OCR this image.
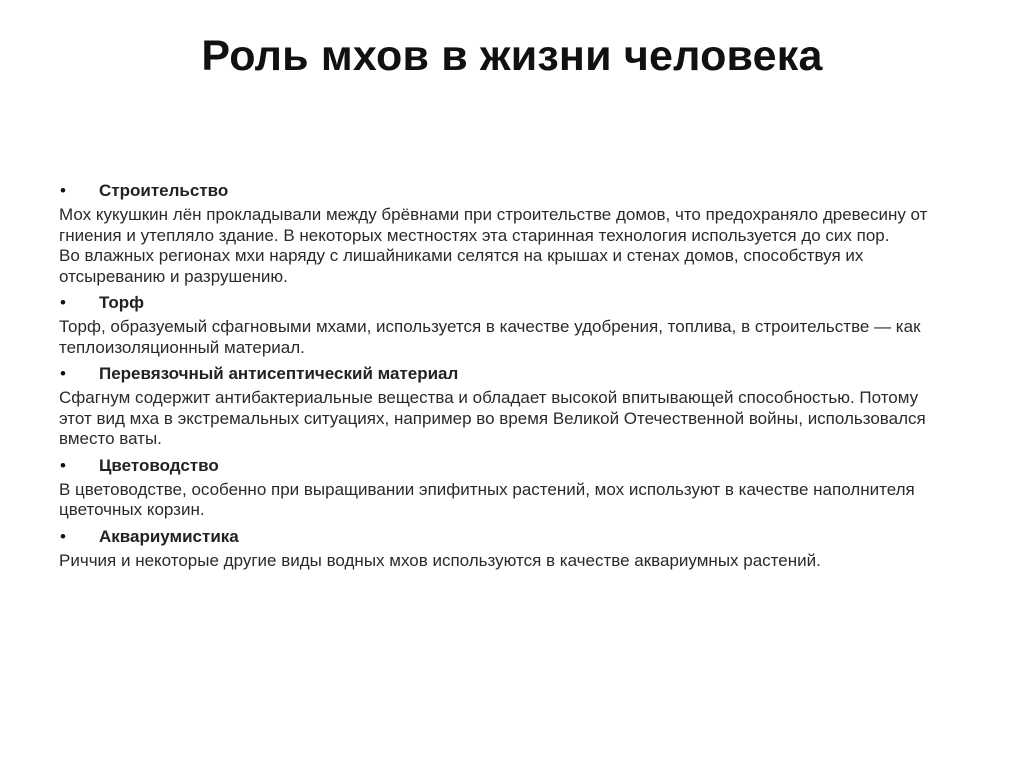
Роль мхов в жизни человека
• Строительство

Мох кукушкин лён прокладывали между брёвнами при строительстве домов, что предохраняло древесину от гниения и утепляло здание. В некоторых местностях эта старинная технология используется до сих пор.

Во влажных регионах мхи наряду с лишайниками селятся на крышах и стенах домов, способствуя их отсыреванию и разрушению.

• Торф

Торф, образуемый сфагновыми мхами, используется в качестве удобрения, топлива, в строительстве — как теплоизоляционный материал.

• Перевязочный антисептический материал

Сфагнум содержит антибактериальные вещества и обладает высокой впитывающей способностью. Потому этот вид мха в экстремальных ситуациях, например во время Великой Отечественной войны, использовался вместо ваты.

• Цветоводство

В цветоводстве, особенно при выращивании эпифитных растений, мох используют в качестве наполнителя цветочных корзин.

• Аквариумистика

Риччия и некоторые другие виды водных мхов используются в качестве аквариумных растений.
